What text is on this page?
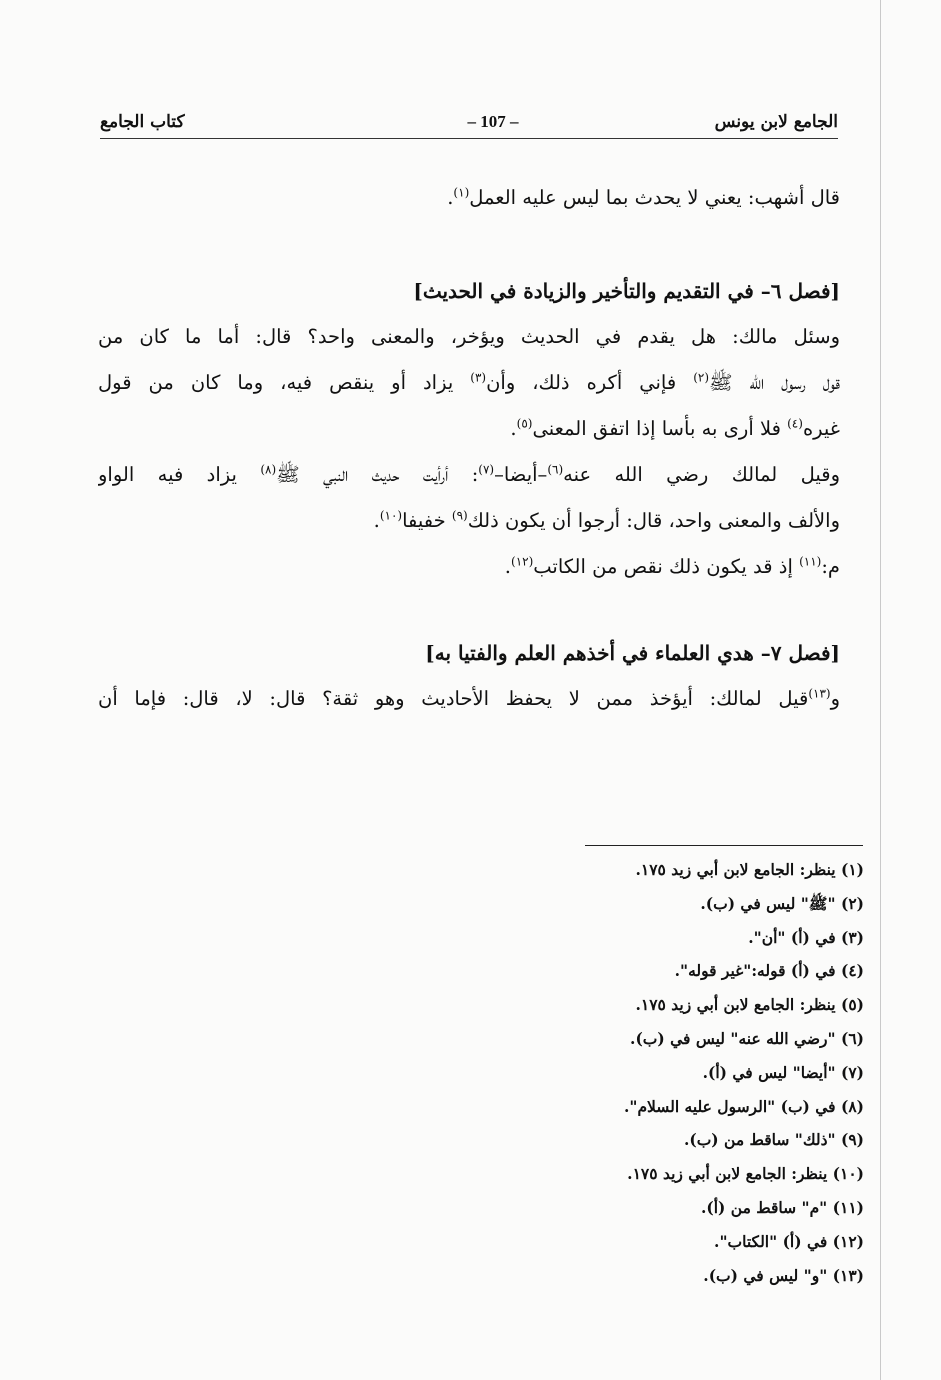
الجامع لابن يونس
– 107 –
كتاب الجامع
قال أشهب: يعني لا يحدث بما ليس عليه العمل$^{(١)}$.
[فصل ٦– في التقديم والتأخير والزيادة في الحديث]
وسئل مالك: هل يقدم في الحديث ويؤخر، والمعنى واحد؟ قال: أما ما كان من
قول رسول الله ﷺ$^{(٢)}$ فإني أكره ذلك، وأن$^{(٣)}$ يزاد أو ينقص فيه، وما كان من قول
غيره$^{(٤)}$ فلا أرى به بأسا إذا اتفق المعنى$^{(٥)}$.
وقيل لمالك رضي الله عنه$^{(٦)}$–أيضا–$^{(٧)}$: أرأيت حديث النبي ﷺ$^{(٨)}$ يزاد فيه الواو
والألف والمعنى واحد، قال: أرجوا أن يكون ذلك$^{(٩)}$ خفيفا$^{(١٠)}$.
م:$^{(١١)}$ إذ قد يكون ذلك نقص من الكاتب$^{(١٢)}$.
[فصل ٧– هدي العلماء في أخذهم العلم والفتيا به]
و$^{(١٣)}$قيل لمالك: أيؤخذ ممن لا يحفظ الأحاديث وهو ثقة؟ قال: لا، قال: فإما أن
(١) ينظر: الجامع لابن أبي زيد ١٧٥.
(٢) "ﷺ" ليس في (ب).
(٣) في (أ) "أن".
(٤) في (أ) قوله:"غير قوله".
(٥) ينظر: الجامع لابن أبي زيد ١٧٥.
(٦) "رضي الله عنه" ليس في (ب).
(٧) "أيضا" ليس في (أ).
(٨) في (ب) "الرسول عليه السلام".
(٩) "ذلك" ساقط من (ب).
(١٠) ينظر: الجامع لابن أبي زيد ١٧٥.
(١١) "م" ساقط من (أ).
(١٢) في (أ) "الكتاب".
(١٣) "و" ليس في (ب).
